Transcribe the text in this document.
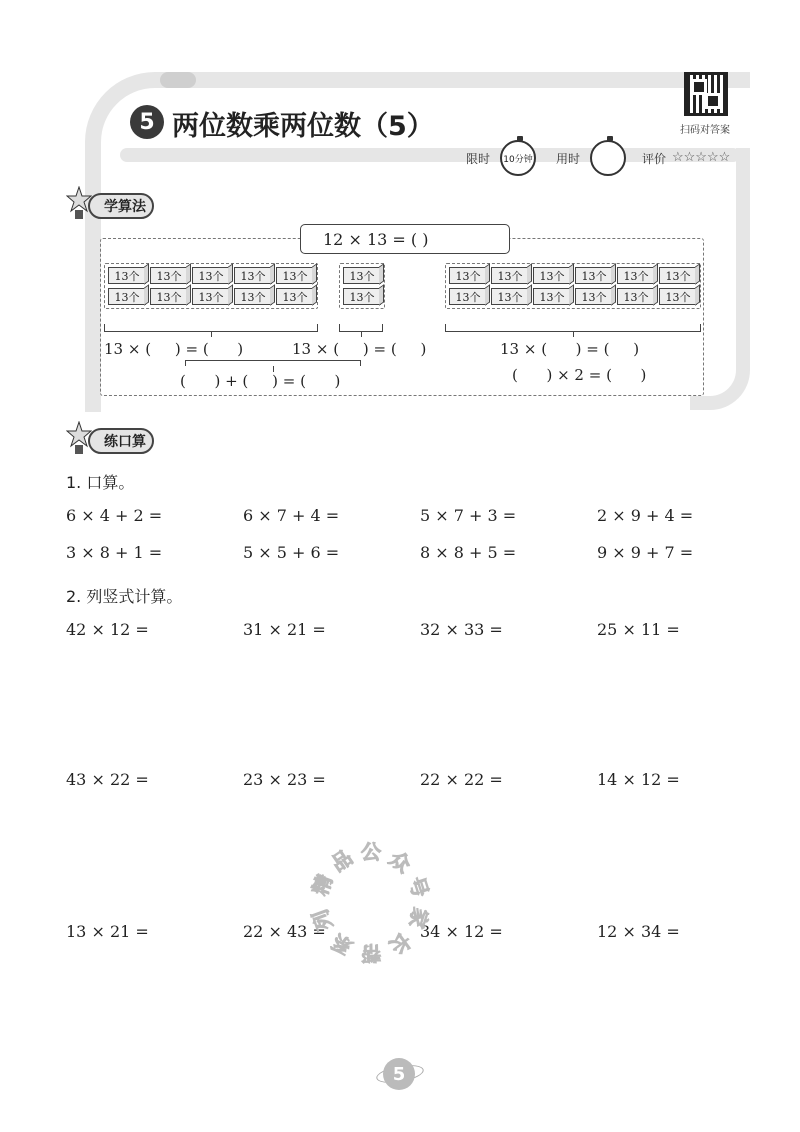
5 两位数乘两位数（5）	扫码对答案
限时 10分钟 用时	评价 ☆☆☆☆☆
学算法
12 × 13 = ( )
13个	13个	13个	13个	13个
13个	13个	13个	13个	13个
13个
13个
13个	13个	13个	13个	13个	13个
13个	13个	13个	13个	13个	13个
13 × (     ) = (      )	13 × (     ) = (     )
(      ) + (     ) = (      )
13 × (      ) = (     )
(      ) × 2 = (      )
练口算
1. 口算。
6 × 4 + 2 =	6 × 7 + 4 =	5 × 7 + 3 =	2 × 9 + 4 =
3 × 8 + 1 =	5 × 5 + 6 =	8 × 8 + 5 =	9 × 9 + 7 =
2. 列竖式计算。
42 × 12 =	31 × 21 =	32 × 33 =	25 × 11 =
43 × 22 =	23 × 23 =	22 × 22 =	14 × 12 =
13 × 21 =	22 × 43 =	34 × 12 =	12 × 34 =
精
品 公 众
号
家
长
帮
系
列
5
